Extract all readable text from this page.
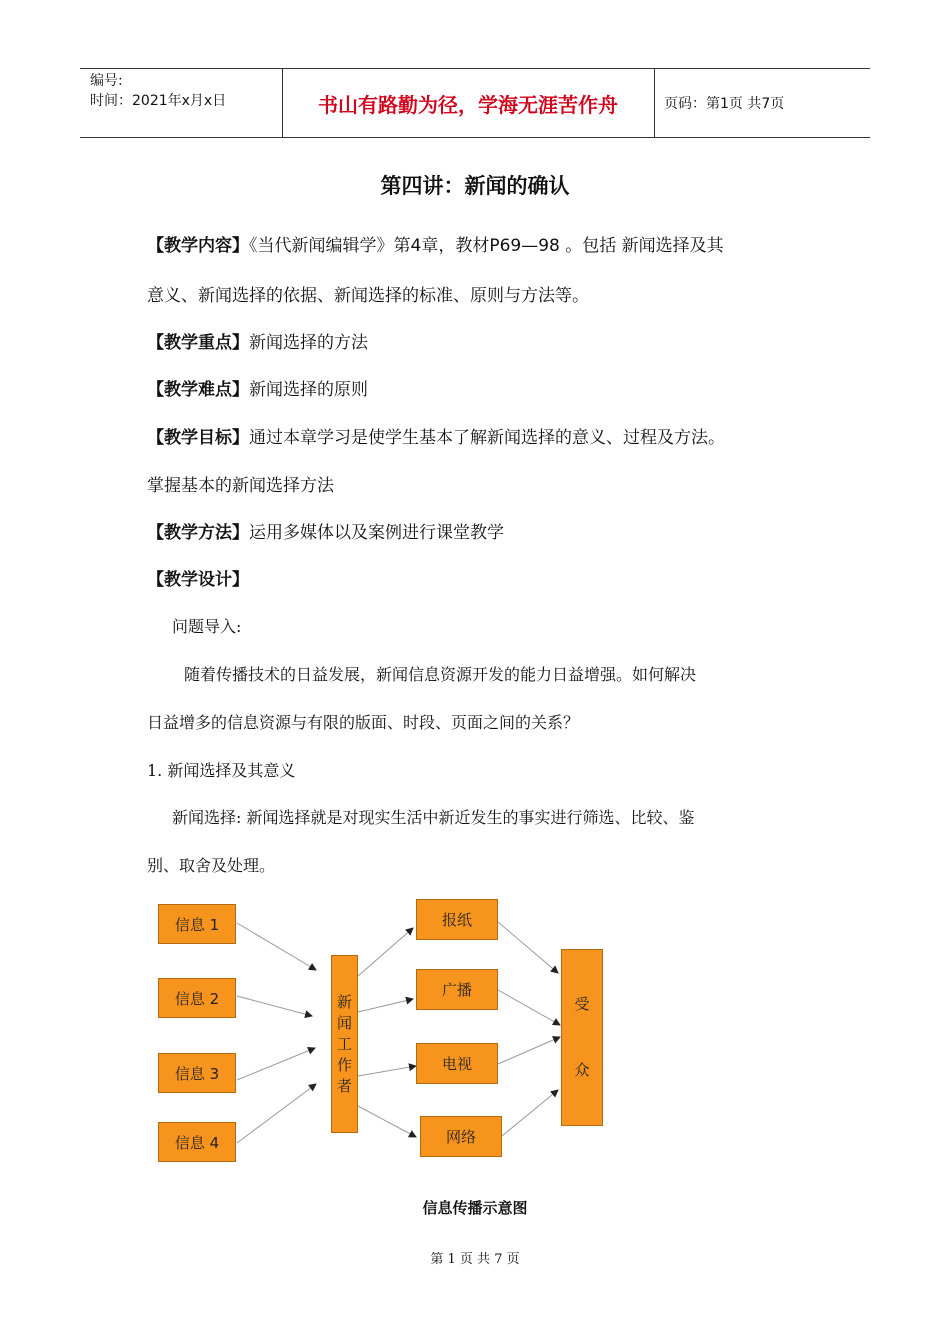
编号:
时间：2021年x月x日	书山有路勤为径，学海无涯苦作舟	页码：第1页 共7页
第四讲：新闻的确认
【教学内容】《当代新闻编辑学》第4章，教材P69—98 。包括 新闻选择及其
意义、新闻选择的依据、新闻选择的标准、原则与方法等。
【教学重点】新闻选择的方法
【教学难点】新闻选择的原则
【教学目标】通过本章学习是使学生基本了解新闻选择的意义、过程及方法。
掌握基本的新闻选择方法
【教学方法】运用多媒体以及案例进行课堂教学
【教学设计】
问题导入:
随着传播技术的日益发展，新闻信息资源开发的能力日益增强。如何解决
日益增多的信息资源与有限的版面、时段、页面之间的关系？
1. 新闻选择及其意义
新闻选择: 新闻选择就是对现实生活中新近发生的事实进行筛选、比较、鉴
别、取舍及处理。
信息 1
信息 2
信息 3
信息 4
新
闻
工
作
者
报纸
广播
电视
网络
受
众
信息传播示意图
第 1 页 共 7 页
